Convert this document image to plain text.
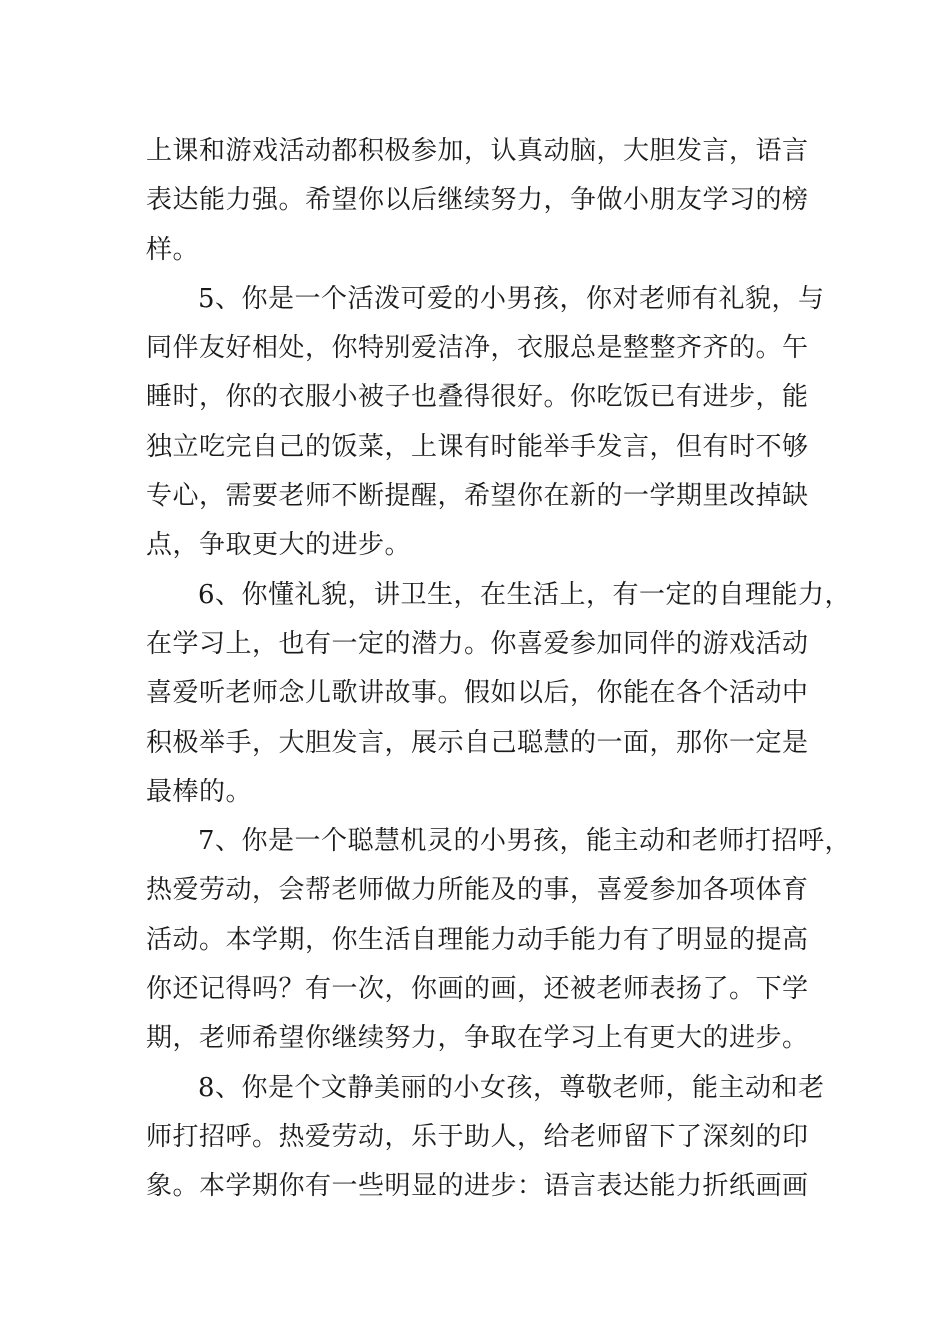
上课和游戏活动都积极参加，认真动脑，大胆发言，语言
表达能力强。希望你以后继续努力，争做小朋友学习的榜
样。
5、你是一个活泼可爱的小男孩，你对老师有礼貌，与
同伴友好相处，你特别爱洁净，衣服总是整整齐齐的。午
睡时，你的衣服小被子也叠得很好。你吃饭已有进步，能
独立吃完自己的饭菜，上课有时能举手发言，但有时不够
专心，需要老师不断提醒，希望你在新的一学期里改掉缺
点，争取更大的进步。
6、你懂礼貌，讲卫生，在生活上，有一定的自理能力，
在学习上，也有一定的潜力。你喜爱参加同伴的游戏活动
喜爱听老师念儿歌讲故事。假如以后，你能在各个活动中
积极举手，大胆发言，展示自己聪慧的一面，那你一定是
最棒的。
7、你是一个聪慧机灵的小男孩，能主动和老师打招呼，
热爱劳动，会帮老师做力所能及的事，喜爱参加各项体育
活动。本学期，你生活自理能力动手能力有了明显的提高
你还记得吗？有一次，你画的画，还被老师表扬了。下学
期，老师希望你继续努力，争取在学习上有更大的进步。
8、你是个文静美丽的小女孩，尊敬老师，能主动和老
师打招呼。热爱劳动，乐于助人，给老师留下了深刻的印
象。本学期你有一些明显的进步：语言表达能力折纸画画
